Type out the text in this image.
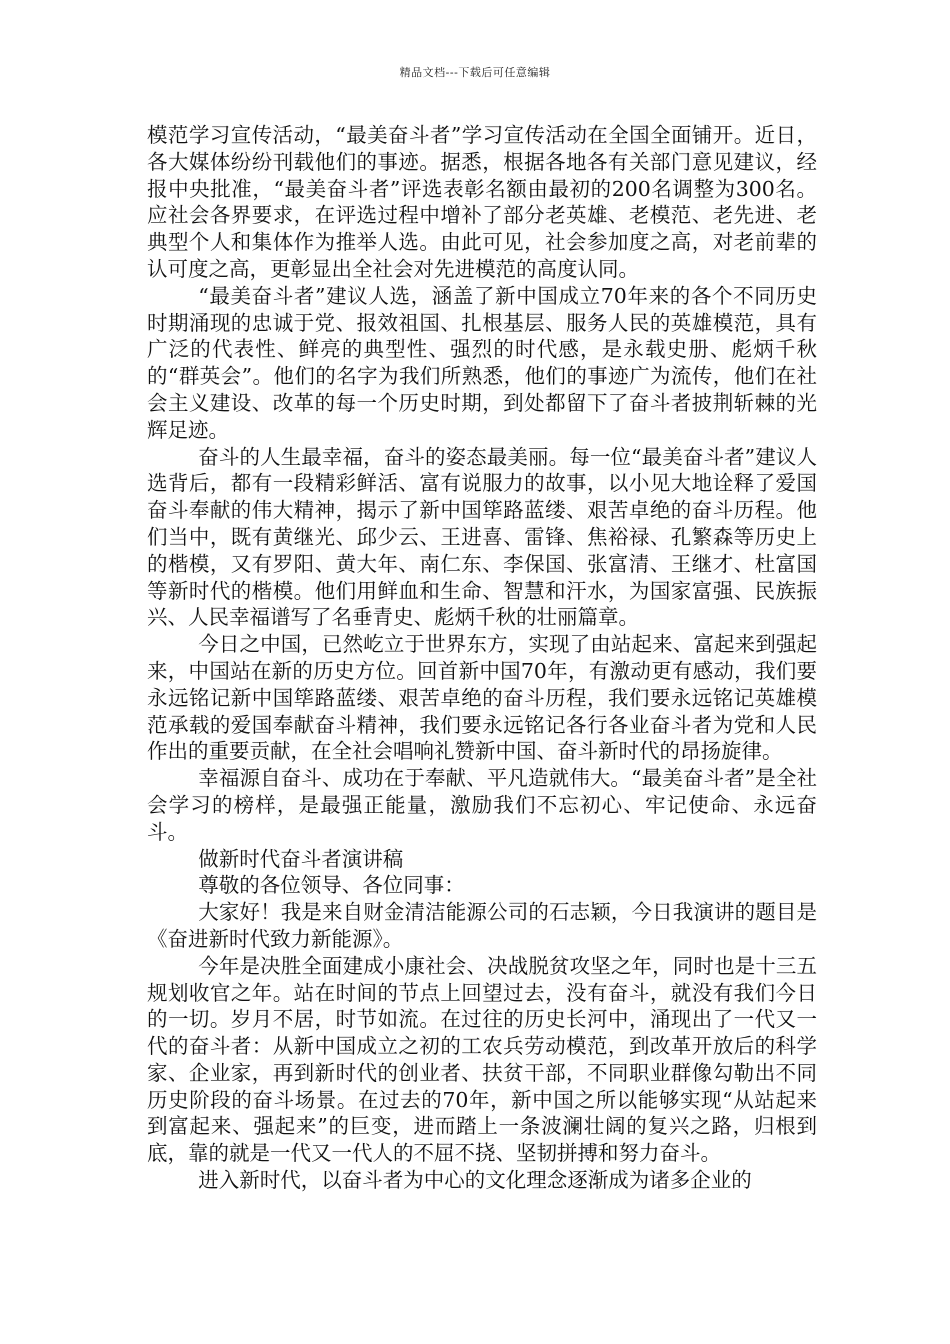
精品文档---下载后可任意编辑

模范学习宣传活动，“最美奋斗者”学习宣传活动在全国全面铺开。近日，各大媒体纷纷刊载他们的事迹。据悉，根据各地各有关部门意见建议，经报中央批准，“最美奋斗者”评选表彰名额由最初的200名调整为300名。应社会各界要求，在评选过程中增补了部分老英雄、老模范、老先进、老典型个人和集体作为推举人选。由此可见，社会参加度之高，对老前辈的认可度之高，更彰显出全社会对先进模范的高度认同。

“最美奋斗者”建议人选，涵盖了新中国成立70年来的各个不同历史时期涌现的忠诚于党、报效祖国、扎根基层、服务人民的英雄模范，具有广泛的代表性、鲜亮的典型性、强烈的时代感，是永载史册、彪炳千秋的“群英会”。他们的名字为我们所熟悉，他们的事迹广为流传，他们在社会主义建设、改革的每一个历史时期，到处都留下了奋斗者披荆斩棘的光辉足迹。

奋斗的人生最幸福，奋斗的姿态最美丽。每一位“最美奋斗者”建议人选背后，都有一段精彩鲜活、富有说服力的故事，以小见大地诠释了爱国奋斗奉献的伟大精神，揭示了新中国筚路蓝缕、艰苦卓绝的奋斗历程。他们当中，既有黄继光、邱少云、王进喜、雷锋、焦裕禄、孔繁森等历史上的楷模，又有罗阳、黄大年、南仁东、李保国、张富清、王继才、杜富国等新时代的楷模。他们用鲜血和生命、智慧和汗水，为国家富强、民族振兴、人民幸福谱写了名垂青史、彪炳千秋的壮丽篇章。

今日之中国，已然屹立于世界东方，实现了由站起来、富起来到强起来，中国站在新的历史方位。回首新中国70年，有激动更有感动，我们要永远铭记新中国筚路蓝缕、艰苦卓绝的奋斗历程，我们要永远铭记英雄模范承载的爱国奉献奋斗精神，我们要永远铭记各行各业奋斗者为党和人民作出的重要贡献，在全社会唱响礼赞新中国、奋斗新时代的昂扬旋律。

幸福源自奋斗、成功在于奉献、平凡造就伟大。“最美奋斗者”是全社会学习的榜样，是最强正能量，激励我们不忘初心、牢记使命、永远奋斗。

做新时代奋斗者演讲稿

尊敬的各位领导、各位同事：

大家好！我是来自财金清洁能源公司的石志颖，今日我演讲的题目是《奋进新时代致力新能源》。

今年是决胜全面建成小康社会、决战脱贫攻坚之年，同时也是十三五规划收官之年。站在时间的节点上回望过去，没有奋斗，就没有我们今日的一切。岁月不居，时节如流。在过往的历史长河中，涌现出了一代又一代的奋斗者：从新中国成立之初的工农兵劳动模范，到改革开放后的科学家、企业家，再到新时代的创业者、扶贫干部，不同职业群像勾勒出不同历史阶段的奋斗场景。在过去的70年，新中国之所以能够实现“从站起来到富起来、强起来”的巨变，进而踏上一条波澜壮阔的复兴之路，归根到底，靠的就是一代又一代人的不屈不挠、坚韧拼搏和努力奋斗。

进入新时代，以奋斗者为中心的文化理念逐渐成为诸多企业的
